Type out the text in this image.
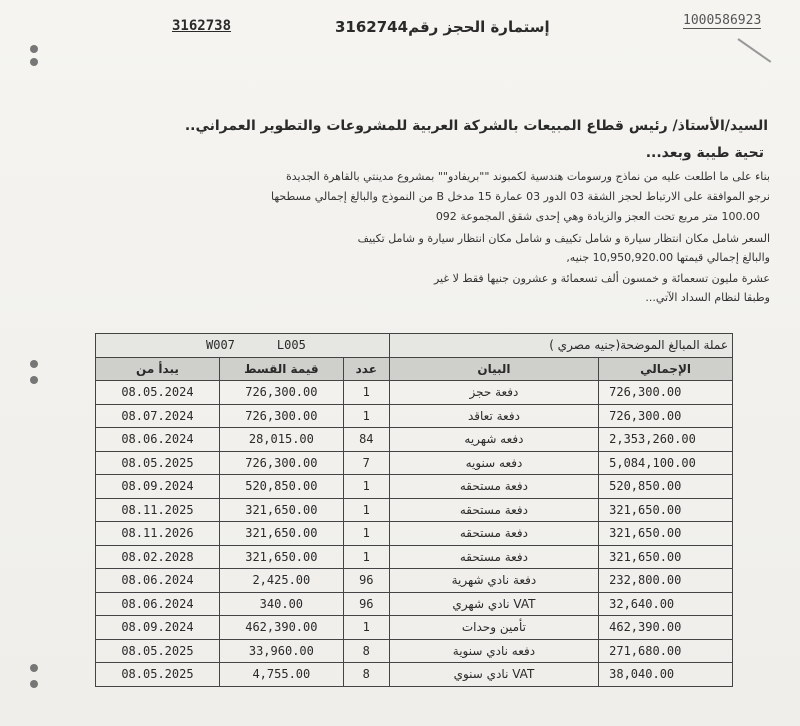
3162738	إستمارة الحجز رقم3162744	1000586923
السيد/الأستاذ/ رئيس قطاع المبيعات بالشركة العربية للمشروعات والتطوير العمراني..
تحية طيبة وبعد...
بناء على ما اطلعت عليه من نماذج ورسومات هندسية لكمبوند ""بريفادو"" بمشروع مدينتي بالقاهرة الجديدة
نرجو الموافقة على الارتباط لحجز الشقة 03 الدور 03 عمارة 15 مدخل B من النموذج والبالغ إجمالي مسطحها
100.00 متر مربع تحت العجز والزيادة وهي إحدى شقق المجموعة 092
السعر شامل مكان انتظار سيارة و شامل تكييف و شامل مكان انتظار سيارة و شامل تكييف
والبالغ إجمالي قيمتها 10,950,920.00 جنيه,
عشرة مليون تسعمائة و خمسون ألف تسعمائة و عشرون جنيها فقط لا غير
وطبقا لنظام السداد الآتي...
W007 L005			عملة المبالغ الموضحة(جنيه مصري )	
يبدأ من	قيمة القسط	عدد	البيان	الإجمالي
08.05.2024	726,300.00	1	دفعة حجز	726,300.00
08.07.2024	726,300.00	1	دفعة تعاقد	726,300.00
08.06.2024	28,015.00	84	دفعه شهريه	2,353,260.00
08.05.2025	726,300.00	7	دفعه سنويه	5,084,100.00
08.09.2024	520,850.00	1	دفعة مستحقه	520,850.00
08.11.2025	321,650.00	1	دفعة مستحقه	321,650.00
08.11.2026	321,650.00	1	دفعة مستحقه	321,650.00
08.02.2028	321,650.00	1	دفعة مستحقه	321,650.00
08.06.2024	2,425.00	96	دفعة نادي شهرية	232,800.00
08.06.2024	340.00	96	VAT نادي شهري	32,640.00
08.09.2024	462,390.00	1	تأمين وحدات	462,390.00
08.05.2025	33,960.00	8	دفعه نادي سنوية	271,680.00
08.05.2025	4,755.00	8	VAT نادي سنوي	38,040.00
